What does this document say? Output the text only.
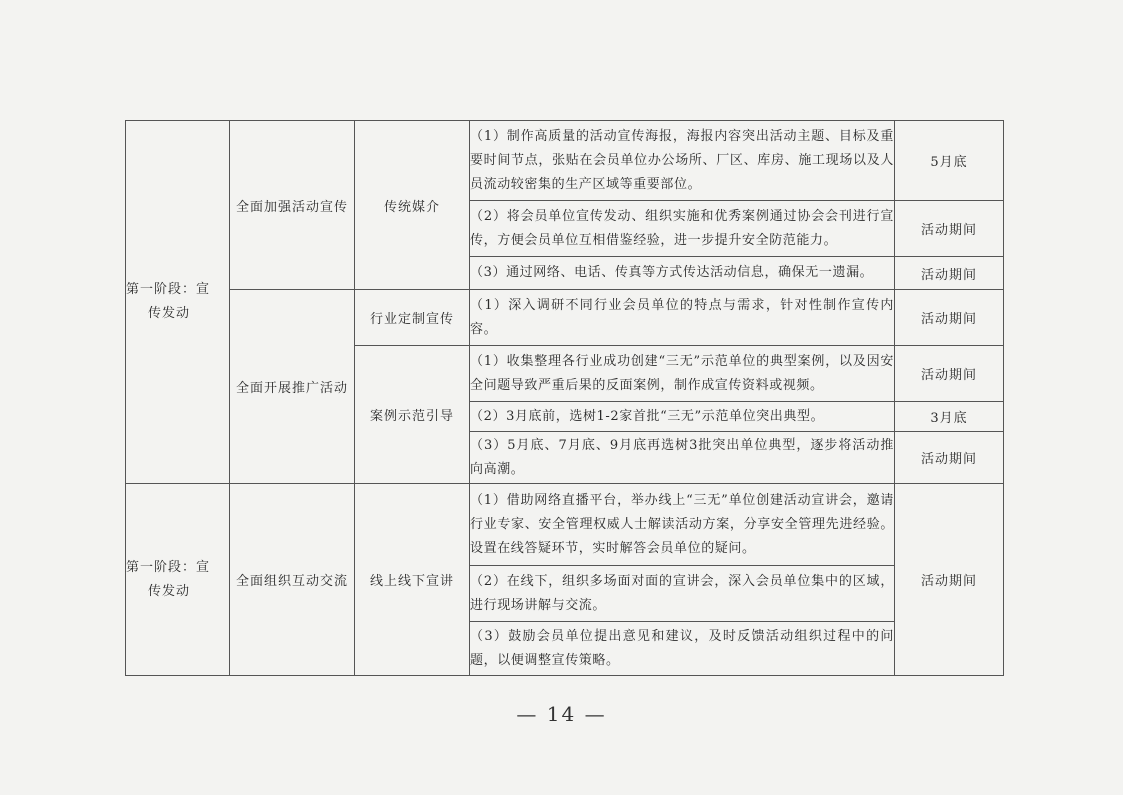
第一阶段：宣
传发动	全面加强活动宣传	传统媒介	（1）制作高质量的活动宣传海报，海报内容突出活动主题、目标及重要时间节点，张贴在会员单位办公场所、厂区、库房、施工现场以及人员流动较密集的生产区域等重要部位。	5月底
			（2）将会员单位宣传发动、组织实施和优秀案例通过协会会刊进行宣传，方便会员单位互相借鉴经验，进一步提升安全防范能力。	活动期间
			（3）通过网络、电话、传真等方式传达活动信息，确保无一遗漏。	活动期间
	全面开展推广活动	行业定制宣传	（1）深入调研不同行业会员单位的特点与需求，针对性制作宣传内容。	活动期间
		案例示范引导	（1）收集整理各行业成功创建“三无”示范单位的典型案例，以及因安全问题导致严重后果的反面案例，制作成宣传资料或视频。	活动期间
			（2）3月底前，选树1-2家首批“三无”示范单位突出典型。	3月底
			（3）5月底、7月底、9月底再选树3批突出单位典型，逐步将活动推向高潮。	活动期间

第一阶段：宣
传发动	全面组织互动交流	线上线下宣讲	（1）借助网络直播平台，举办线上“三无”单位创建活动宣讲会，邀请行业专家、安全管理权威人士解读活动方案，分享安全管理先进经验。设置在线答疑环节，实时解答会员单位的疑问。	活动期间
			（2）在线下，组织多场面对面的宣讲会，深入会员单位集中的区域，进行现场讲解与交流。	
			（3）鼓励会员单位提出意见和建议，及时反馈活动组织过程中的问题，以便调整宣传策略。	
— 14 —
